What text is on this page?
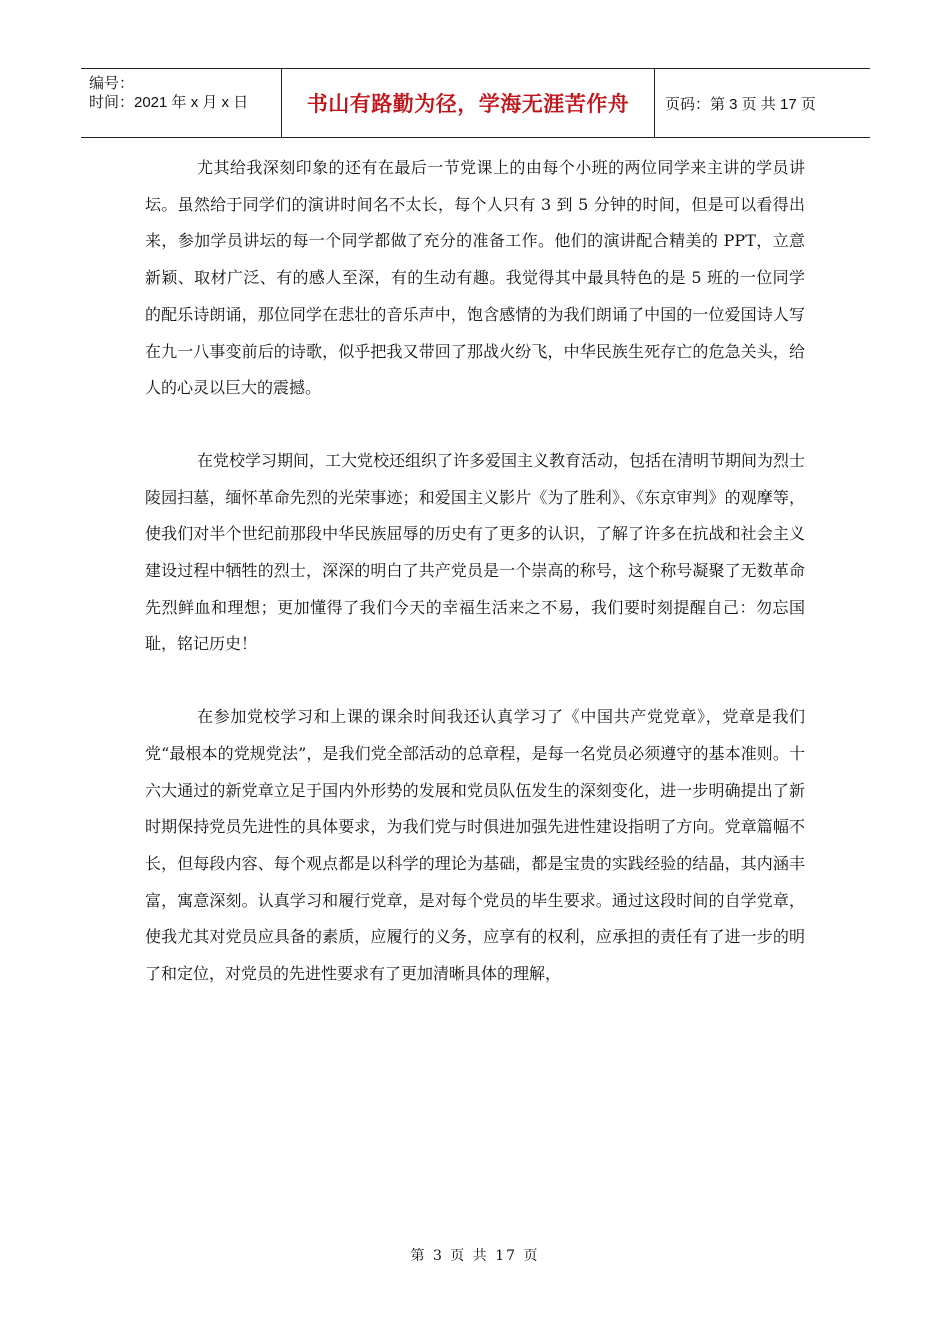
编号：
时间：2021 年 x 月 x 日	书山有路勤为径，学海无涯苦作舟	页码：第 3 页 共 17 页

尤其给我深刻印象的还有在最后一节党课上的由每个小班的两位同学来主讲的学员讲坛。虽然给于同学们的演讲时间名不太长，每个人只有 3 到 5 分钟的时间，但是可以看得出来，参加学员讲坛的每一个同学都做了充分的准备工作。他们的演讲配合精美的 PPT，立意新颖、取材广泛、有的感人至深，有的生动有趣。我觉得其中最具特色的是 5 班的一位同学的配乐诗朗诵，那位同学在悲壮的音乐声中，饱含感情的为我们朗诵了中国的一位爱国诗人写在九一八事变前后的诗歌，似乎把我又带回了那战火纷飞，中华民族生死存亡的危急关头，给人的心灵以巨大的震撼。

在党校学习期间，工大党校还组织了许多爱国主义教育活动，包括在清明节期间为烈士陵园扫墓，缅怀革命先烈的光荣事迹；和爱国主义影片《为了胜利》、《东京审判》的观摩等，使我们对半个世纪前那段中华民族屈辱的历史有了更多的认识，了解了许多在抗战和社会主义建设过程中牺牲的烈士，深深的明白了共产党员是一个崇高的称号，这个称号凝聚了无数革命先烈鲜血和理想；更加懂得了我们今天的幸福生活来之不易，我们要时刻提醒自己：勿忘国耻，铭记历史！

在参加党校学习和上课的课余时间我还认真学习了《中国共产党党章》，党章是我们党“最根本的党规党法”，是我们党全部活动的总章程，是每一名党员必须遵守的基本准则。十六大通过的新党章立足于国内外形势的发展和党员队伍发生的深刻变化，进一步明确提出了新时期保持党员先进性的具体要求，为我们党与时俱进加强先进性建设指明了方向。党章篇幅不长，但每段内容、每个观点都是以科学的理论为基础，都是宝贵的实践经验的结晶，其内涵丰富，寓意深刻。认真学习和履行党章，是对每个党员的毕生要求。通过这段时间的自学党章，使我尤其对党员应具备的素质，应履行的义务，应享有的权利，应承担的责任有了进一步的明了和定位，对党员的先进性要求有了更加清晰具体的理解，

第 3 页 共 17 页
